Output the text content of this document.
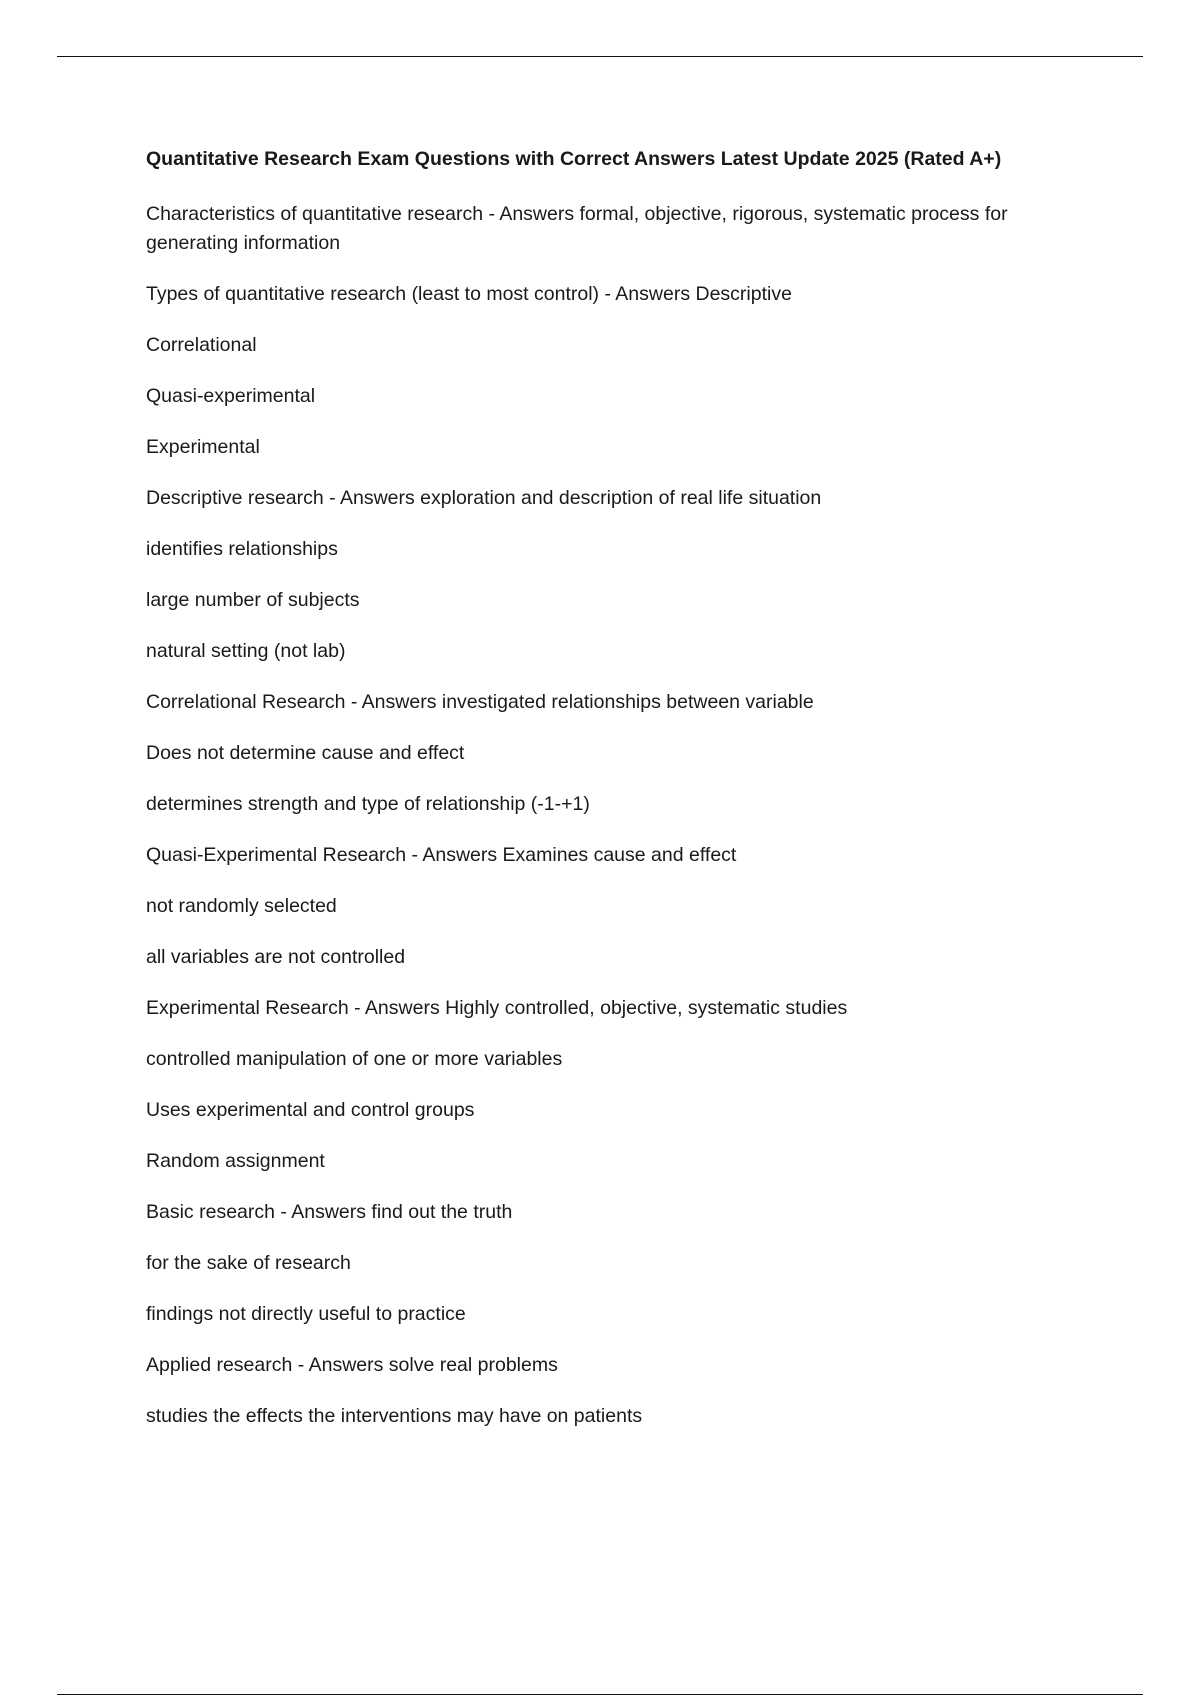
Quantitative Research Exam Questions with Correct Answers Latest Update 2025 (Rated A+)
Characteristics of quantitative research - Answers formal, objective, rigorous, systematic process for generating information
Types of quantitative research (least to most control) - Answers Descriptive
Correlational
Quasi-experimental
Experimental
Descriptive research - Answers exploration and description of real life situation
identifies relationships
large number of subjects
natural setting (not lab)
Correlational Research - Answers investigated relationships between variable
Does not determine cause and effect
determines strength and type of relationship (-1-+1)
Quasi-Experimental Research - Answers Examines cause and effect
not randomly selected
all variables are not controlled
Experimental Research - Answers Highly controlled, objective, systematic studies
controlled manipulation of one or more variables
Uses experimental and control groups
Random assignment
Basic research - Answers find out the truth
for the sake of research
findings not directly useful to practice
Applied research - Answers solve real problems
studies the effects the interventions may have on patients
